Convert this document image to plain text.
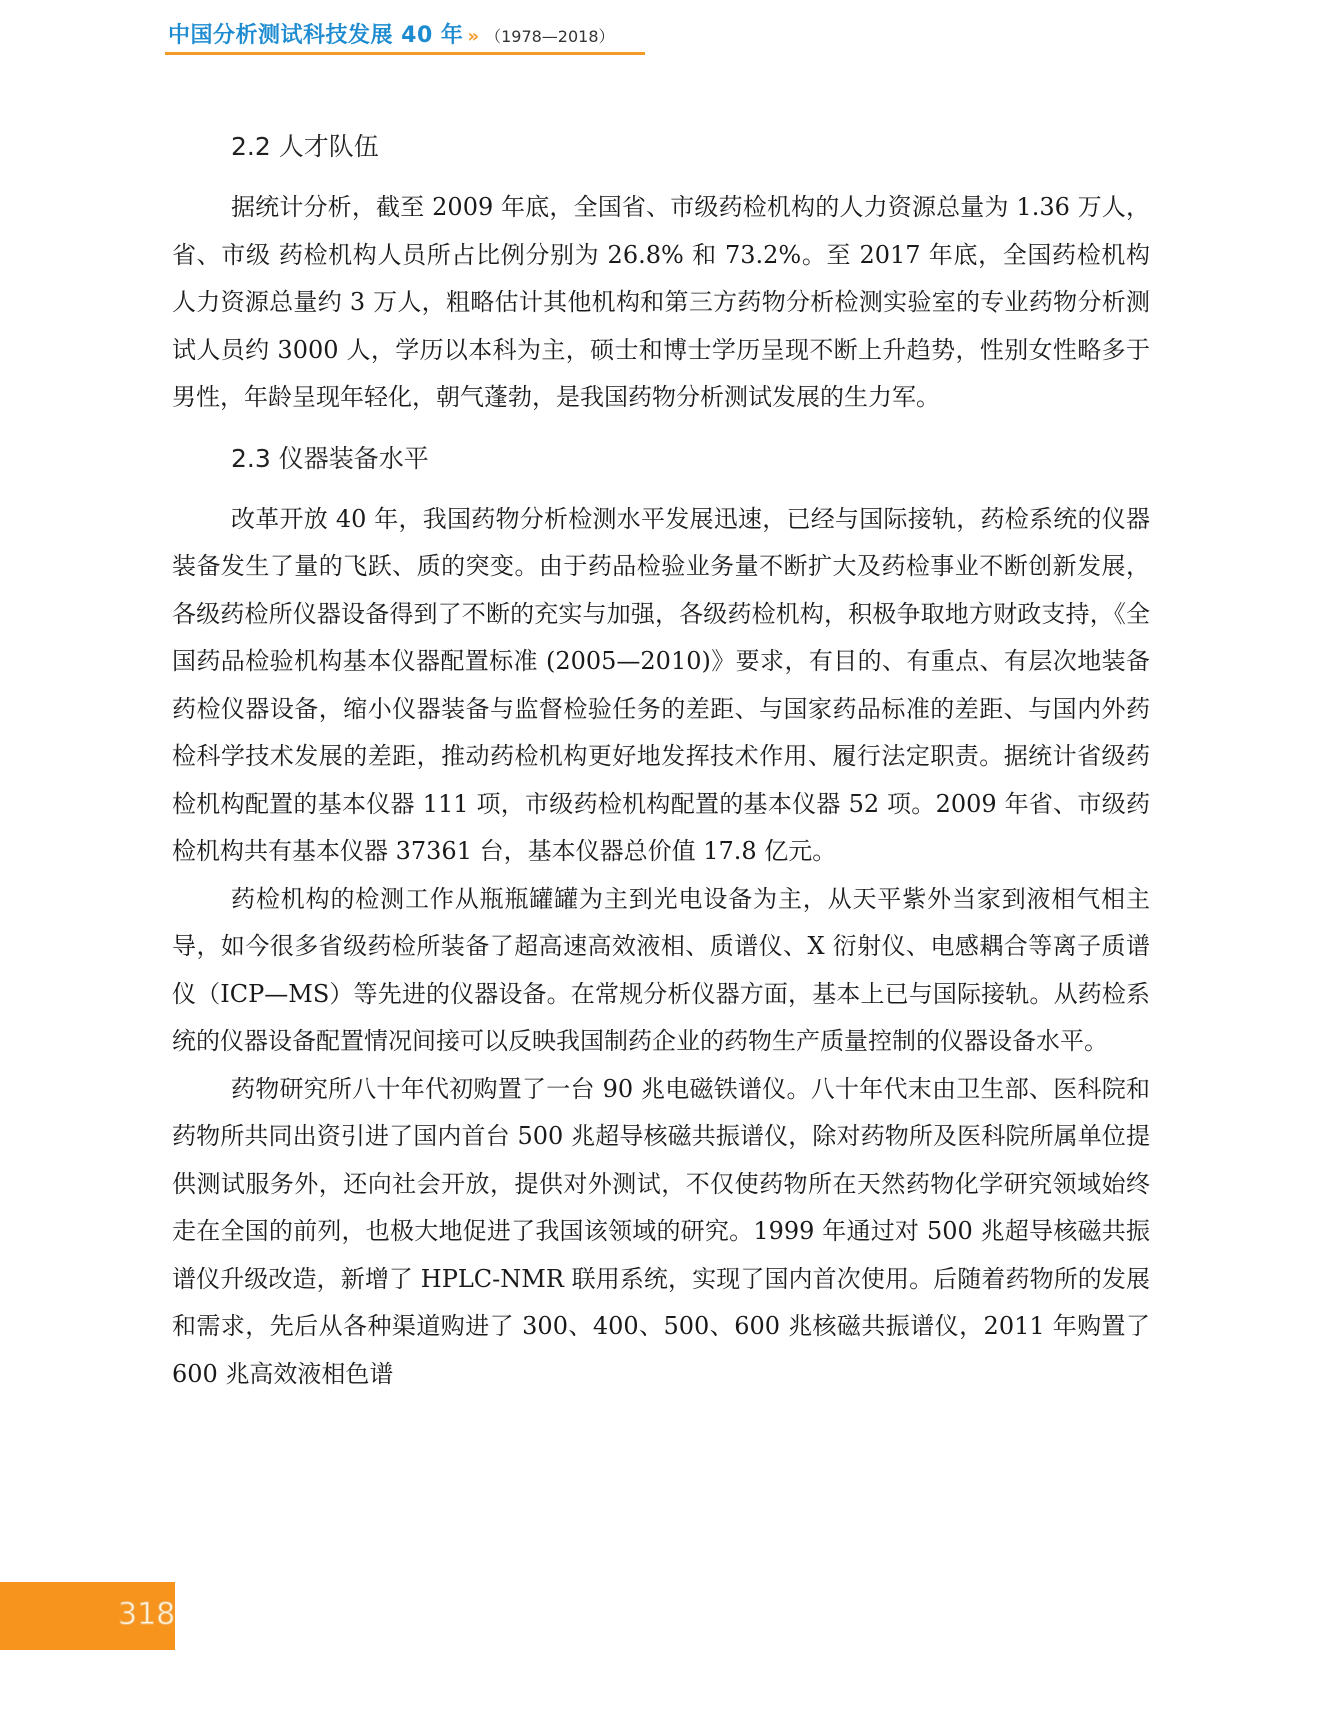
中国分析测试科技发展 40 年 » （1978—2018）
2.2 人才队伍

据统计分析，截至 2009 年底，全国省、市级药检机构的人力资源总量为 1.36 万人，省、市级 药检机构人员所占比例分别为 26.8% 和 73.2%。至 2017 年底，全国药检机构人力资源总量约 3 万人，粗略估计其他机构和第三方药物分析检测实验室的专业药物分析测试人员约 3000 人，学历以本科为主，硕士和博士学历呈现不断上升趋势，性别女性略多于男性，年龄呈现年轻化，朝气蓬勃，是我国药物分析测试发展的生力军。

2.3 仪器装备水平

改革开放 40 年，我国药物分析检测水平发展迅速，已经与国际接轨，药检系统的仪器装备发生了量的飞跃、质的突变。由于药品检验业务量不断扩大及药检事业不断创新发展，各级药检所仪器设备得到了不断的充实与加强，各级药检机构，积极争取地方财政支持，《全国药品检验机构基本仪器配置标准 (2005—2010)》要求，有目的、有重点、有层次地装备药检仪器设备，缩小仪器装备与监督检验任务的差距、与国家药品标准的差距、与国内外药检科学技术发展的差距，推动药检机构更好地发挥技术作用、履行法定职责。据统计省级药检机构配置的基本仪器 111 项，市级药检机构配置的基本仪器 52 项。2009 年省、市级药检机构共有基本仪器 37361 台，基本仪器总价值 17.8 亿元。

药检机构的检测工作从瓶瓶罐罐为主到光电设备为主，从天平紫外当家到液相气相主导，如今很多省级药检所装备了超高速高效液相、质谱仪、X 衍射仪、电感耦合等离子质谱仪（ICP—MS）等先进的仪器设备。在常规分析仪器方面，基本上已与国际接轨。从药检系统的仪器设备配置情况间接可以反映我国制药企业的药物生产质量控制的仪器设备水平。

药物研究所八十年代初购置了一台 90 兆电磁铁谱仪。八十年代末由卫生部、医科院和药物所共同出资引进了国内首台 500 兆超导核磁共振谱仪，除对药物所及医科院所属单位提供测试服务外，还向社会开放，提供对外测试，不仅使药物所在天然药物化学研究领域始终走在全国的前列，也极大地促进了我国该领域的研究。1999 年通过对 500 兆超导核磁共振谱仪升级改造，新增了 HPLC-NMR 联用系统，实现了国内首次使用。后随着药物所的发展和需求，先后从各种渠道购进了 300、400、500、600 兆核磁共振谱仪，2011 年购置了 600 兆高效液相色谱

318
